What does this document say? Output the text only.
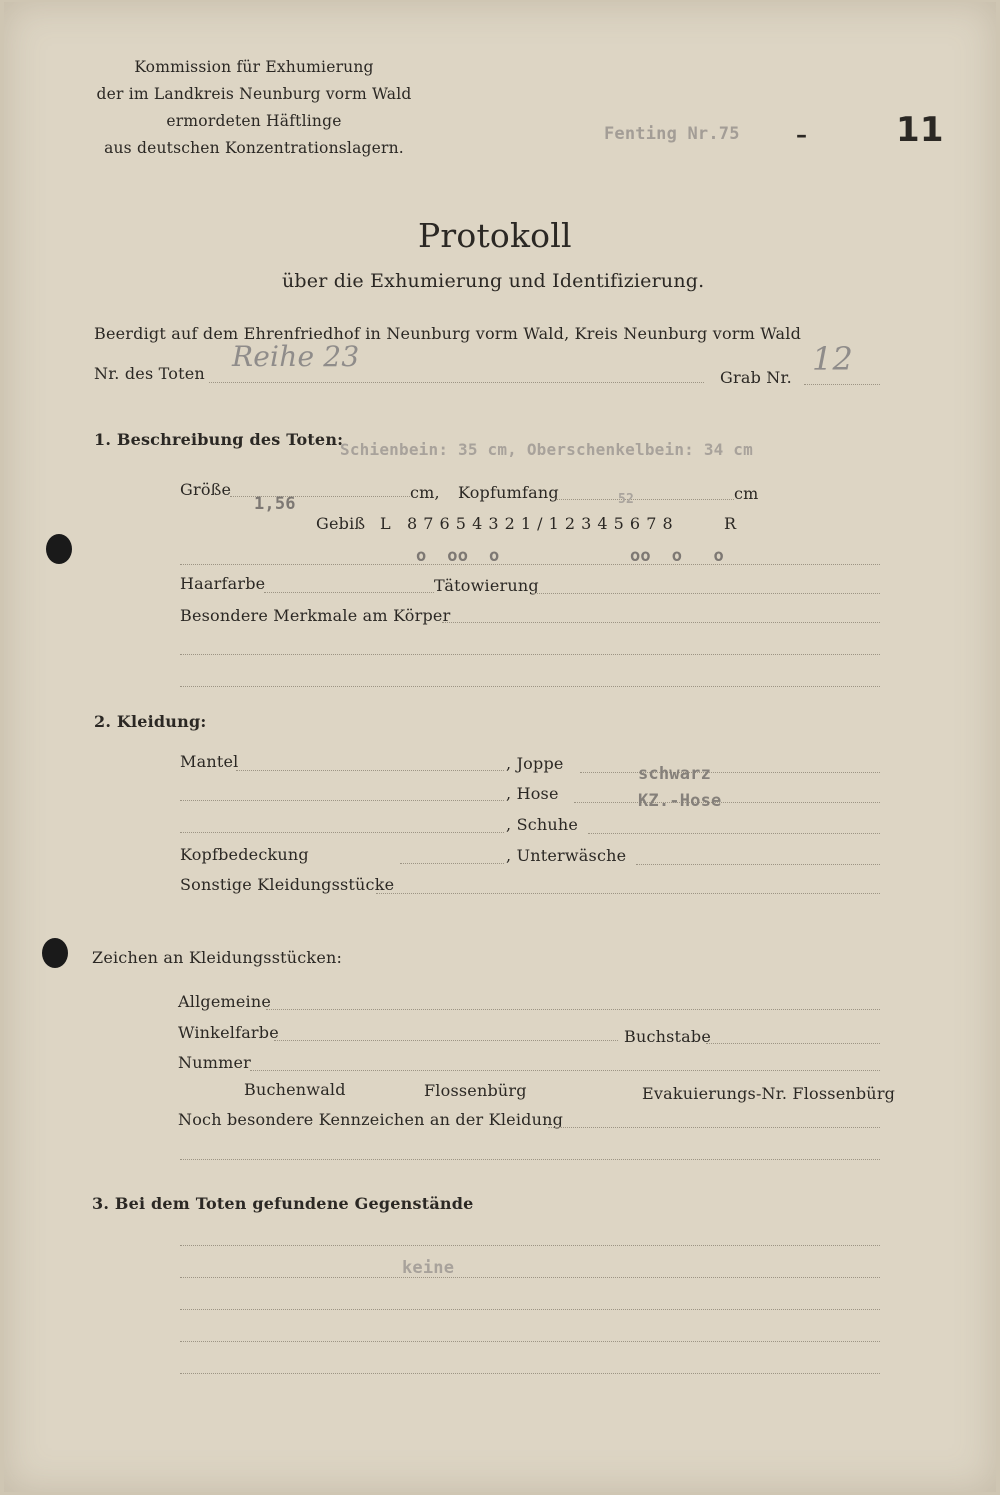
Kommission für Exhumierung
der im Landkreis Neunburg vorm Wald
ermordeten Häftlinge
aus deutschen Konzentrationslagern.
Fenting Nr.75	–	11
Protokoll
über die Exhumierung und Identifizierung.
Beerdigt auf dem Ehrenfriedhof in Neunburg vorm Wald, Kreis Neunburg vorm Wald
Nr. des Toten
Reihe 23
Grab Nr. 12
1. Beschreibung des Toten:
Schienbein: 35 cm, Oberschenkelbein: 34 cm
Größe
1,56
cm, Kopfumfang	52	cm
Gebiß L 8 7 6 5 4 3 2 1 / 1 2 3 4 5 6 7 8	R
o  oo  o	oo  o   o
Haarfarbe	Tätowierung
Besondere Merkmale am Körper
2. Kleidung:
Mantel	, Joppe
schwarz
, Hose	KZ.-Hose
, Schuhe
Kopfbedeckung	, Unterwäsche
Sonstige Kleidungsstücke
Zeichen an Kleidungsstücken:
Allgemeine
Winkelfarbe	Buchstabe
Nummer
Buchenwald	Flossenbürg	Evakuierungs-Nr. Flossenbürg
Noch besondere Kennzeichen an der Kleidung
3. Bei dem Toten gefundene Gegenstände
keine
